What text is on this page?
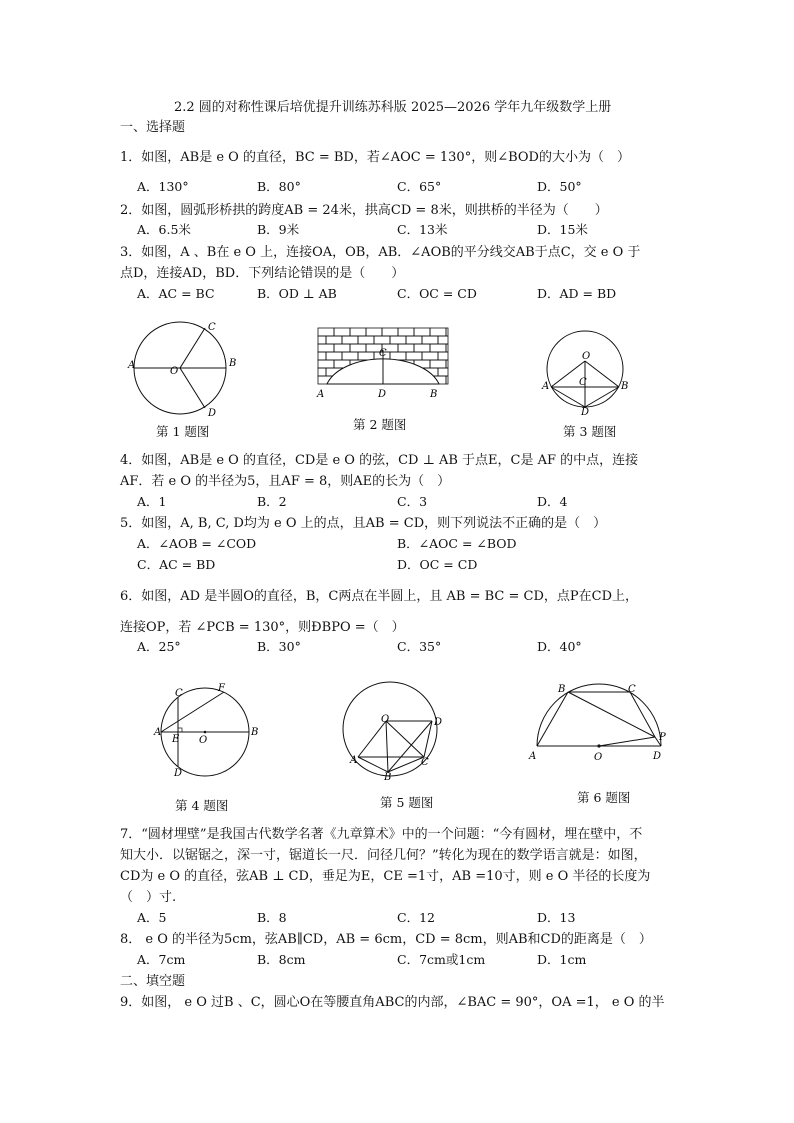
2.2 圆的对称性课后培优提升训练苏科版 2025—2026 学年九年级数学上册
一、选择题
1．如图，AB是 e O 的直径，BC = BD，若∠AOC = 130°，则∠BOD的大小为（　）
A．130°	B．80°	C．65°	D．50°
2．如图，圆弧形桥拱的跨度AB = 24米，拱高CD = 8米，则拱桥的半径为（　　）
A．6.5米	B．9米	C．13米	D．15米
3．如图，A 、B在 e O 上，连接OA，OB，AB．∠AOB的平分线交AB于点C，交 e O 于
点D，连接AD，BD．下列结论错误的是（　　）
A．AC = BC	B．OD ⊥ AB	C．OC = CD	D．AD = BD
A
O
B
C
D
第 1 题图
A
C
D	B
第 2 题图
O
A	C	B
D
第 3 题图
4．如图，AB是 e O 的直径，CD是 e O 的弦，CD ⊥ AB 于点E，C是 AF 的中点，连接
AF．若 e O 的半径为5，且AF = 8，则AE的长为（　）
A．1	B．2	C．3	D．4
5．如图，A, B, C, D均为 e O 上的点，且AB = CD，则下列说法不正确的是（　）
A．∠AOB = ∠COD	B．∠AOC = ∠BOD
C．AC = BD	D．OC = CD
6．如图，AD 是半圆O的直径，B，C两点在半圆上，且 AB = BC = CD，点P在CD上，
连接OP，若 ∠PCB = 130°，则ÐBPO =（　）
A．25°	B．30°	C．35°	D．40°
C	F
A
E O
B
D
第 4 题图
O	D
A	C
B
第 5 题图
B	C
P
A	O	D
第 6 题图
7．“圆材埋壁”是我国古代数学名著《九章算术》中的一个问题：“今有圆材，埋在壁中，不
知大小．以锯锯之，深一寸，锯道长一尺．问径几何？”转化为现在的数学语言就是：如图，
CD为 e O 的直径，弦AB ⊥ CD，垂足为E，CE =1寸，AB =10寸，则 e O 半径的长度为
（　）寸.
A．5	B．8	C．12	D．13
8． e O 的半径为5cm，弦AB∥CD，AB = 6cm，CD = 8cm，则AB和CD的距离是（　）
A．7cm	B．8cm	C．7cm或1cm	D．1cm
二、填空题
9．如图， e O 过B 、C，圆心O在等腰直角ABC的内部，∠BAC = 90°，OA =1， e O 的半
